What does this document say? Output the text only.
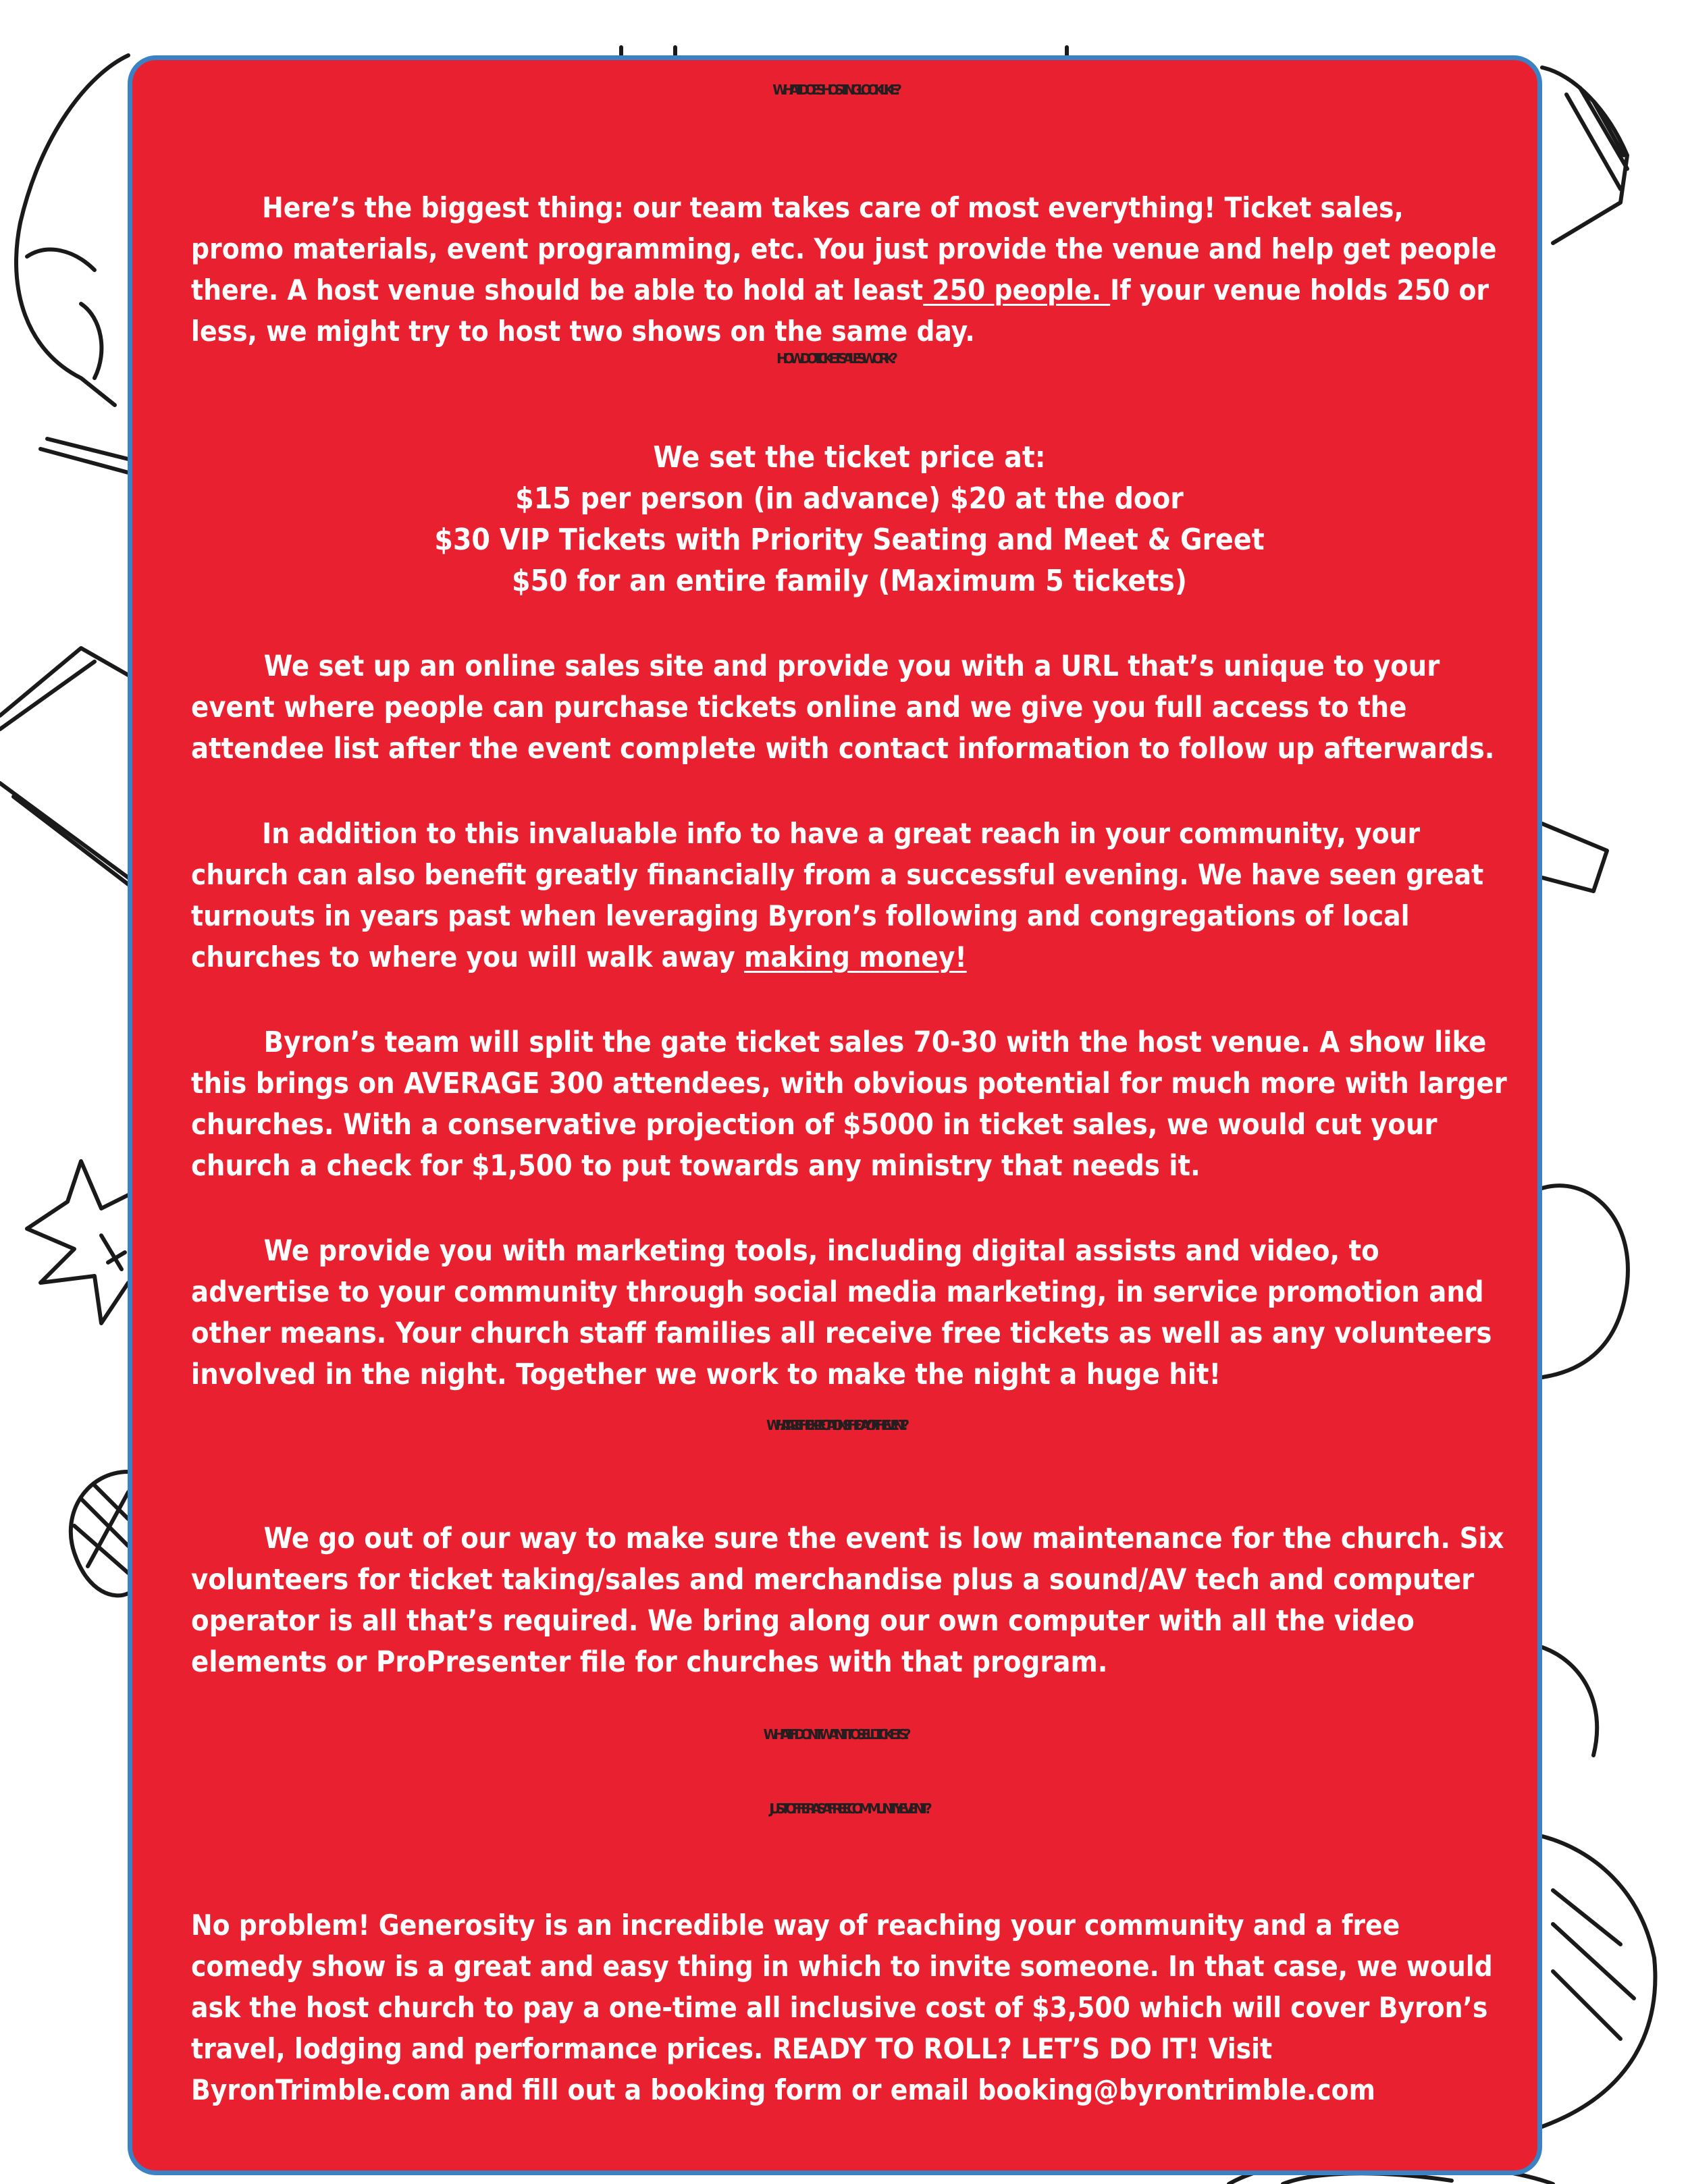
WHAT DOES HOSTING LOOK LIKE?

Here’s the biggest thing: our team takes care of most everything! Ticket sales,
promo materials, event programming, etc. You just provide the venue and help get people
there. A host venue should be able to hold at least 250 people. If your venue holds 250 or
less, we might try to host two shows on the same day.

HOW DO TICKET SALES WORK?

We set the ticket price at:
$15 per person (in advance) $20 at the door
$30 VIP Tickets with Priority Seating and Meet & Greet
$50 for an entire family (Maximum 5 tickets)

We set up an online sales site and provide you with a URL that’s unique to your
event where people can purchase tickets online and we give you full access to the
attendee list after the event complete with contact information to follow up afterwards.

In addition to this invaluable info to have a great reach in your community, your
church can also benefit greatly financially from a successful evening. We have seen great
turnouts in years past when leveraging Byron’s following and congregations of local
churches to where you will walk away making money!

Byron’s team will split the gate ticket sales 70-30 with the host venue. A show like
this brings on AVERAGE 300 attendees, with obvious potential for much more with larger
churches. With a conservative projection of $5000 in ticket sales, we would cut your
church a check for $1,500 to put towards any ministry that needs it.

We provide you with marketing tools, including digital assists and video, to
advertise to your community through social media marketing, in service promotion and
other means. Your church staff families all receive free tickets as well as any volunteers
involved in the night. Together we work to make the night a huge hit!

WHAT ARE THE EXPECTATIONS THE DAY OF THE EVENT?

We go out of our way to make sure the event is low maintenance for the church. Six
volunteers for ticket taking/sales and merchandise plus a sound/AV tech and computer
operator is all that’s required. We bring along our own computer with all the video
elements or ProPresenter file for churches with that program.

WHAT IF I DON’T WANT TO SELL TICKETS?
JUST OFFER AS A FREE COMMUNITY EVENT?

No problem! Generosity is an incredible way of reaching your community and a free
comedy show is a great and easy thing in which to invite someone. In that case, we would
ask the host church to pay a one-time all inclusive cost of $3,500 which will cover Byron’s
travel, lodging and performance prices. READY TO ROLL? LET’S DO IT! Visit
ByronTrimble.com and fill out a booking form or email booking@byrontrimble.com
